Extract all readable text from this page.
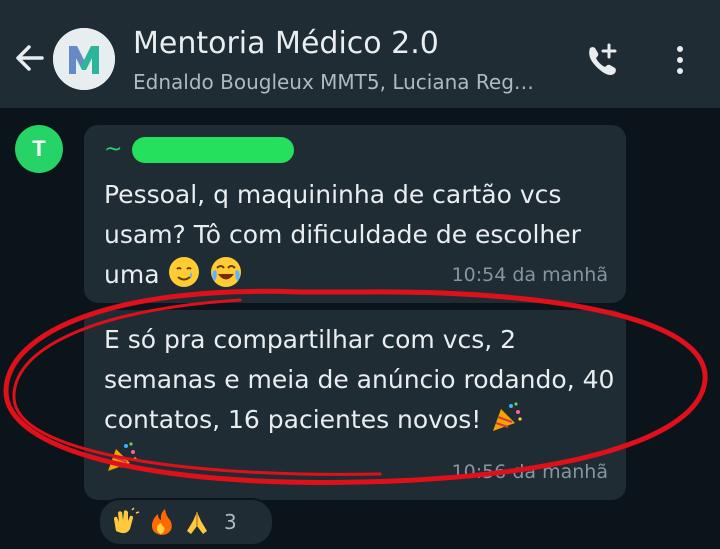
Mentoria Médico 2.0
Ednaldo Bougleux MMT5, Luciana Reg…
T	~
Pessoal, q maquininha de cartão vcs usam? Tô com dificuldade de escolher uma	10:54 da manhã
E só pra compartilhar com vcs, 2 semanas e meia de anúncio rodando, 40 contatos, 16 pacientes novos!

10:56 da manhã
3
